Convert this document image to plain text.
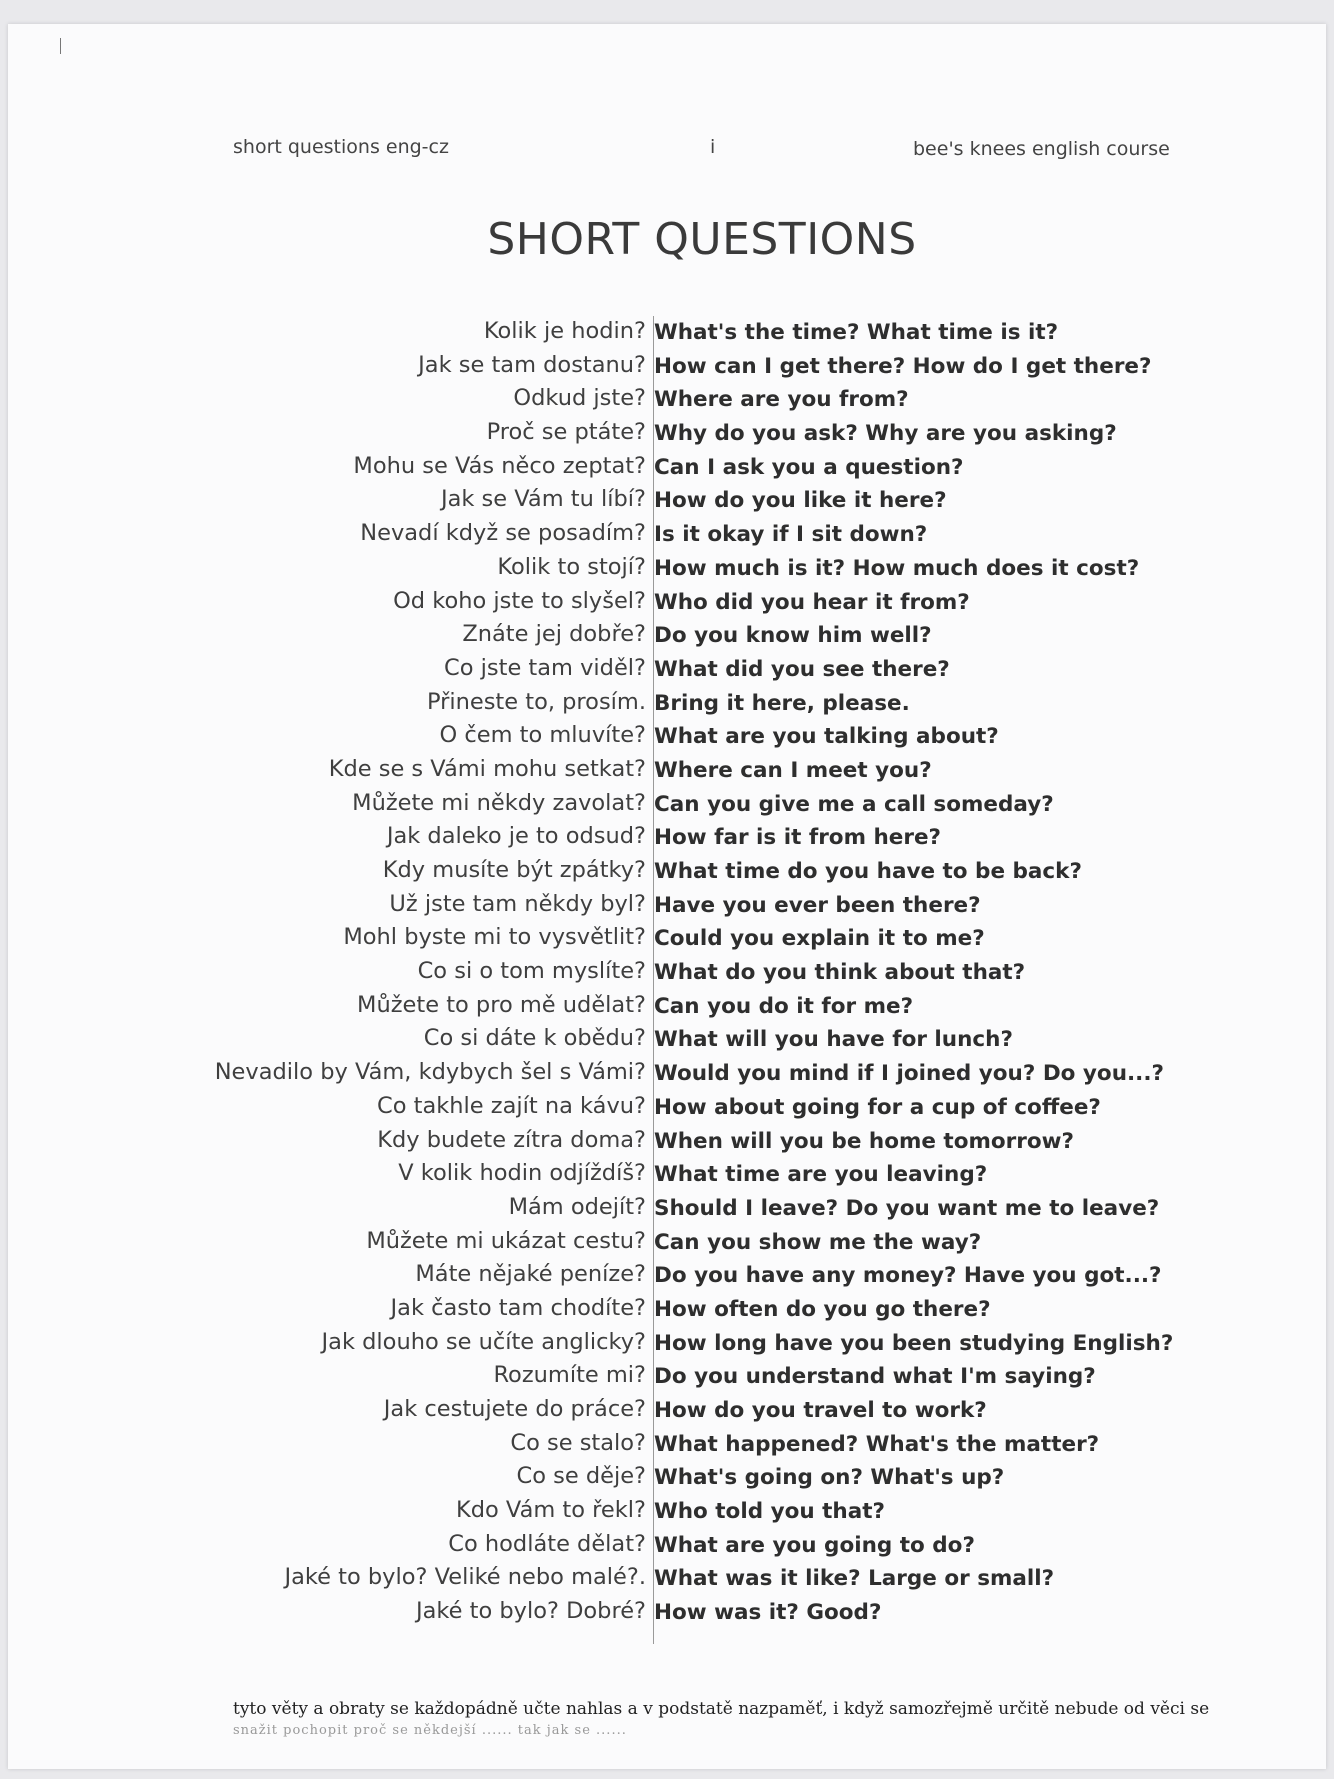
short questions eng-cz	i	bee's knees english course
SHORT QUESTIONS
Kolik je hodin? What's the time? What time is it?
Jak se tam dostanu? How can I get there? How do I get there?
Odkud jste? Where are you from?
Proč se ptáte? Why do you ask? Why are you asking?
Mohu se Vás něco zeptat? Can I ask you a question?
Jak se Vám tu líbí? How do you like it here?
Nevadí když se posadím? Is it okay if I sit down?
Kolik to stojí? How much is it? How much does it cost?
Od koho jste to slyšel? Who did you hear it from?
Znáte jej dobře? Do you know him well?
Co jste tam viděl? What did you see there?
Přineste to, prosím. Bring it here, please.
O čem to mluvíte? What are you talking about?
Kde se s Vámi mohu setkat? Where can I meet you?
Můžete mi někdy zavolat? Can you give me a call someday?
Jak daleko je to odsud? How far is it from here?
Kdy musíte být zpátky? What time do you have to be back?
Už jste tam někdy byl? Have you ever been there?
Mohl byste mi to vysvětlit? Could you explain it to me?
Co si o tom myslíte? What do you think about that?
Můžete to pro mě udělat? Can you do it for me?
Co si dáte k obědu? What will you have for lunch?
Nevadilo by Vám, kdybych šel s Vámi? Would you mind if I joined you? Do you...?
Co takhle zajít na kávu? How about going for a cup of coffee?
Kdy budete zítra doma? When will you be home tomorrow?
V kolik hodin odjíždíš? What time are you leaving?
Mám odejít? Should I leave? Do you want me to leave?
Můžete mi ukázat cestu? Can you show me the way?
Máte nějaké peníze? Do you have any money? Have you got...?
Jak často tam chodíte? How often do you go there?
Jak dlouho se učíte anglicky? How long have you been studying English?
Rozumíte mi? Do you understand what I'm saying?
Jak cestujete do práce? How do you travel to work?
Co se stalo? What happened? What's the matter?
Co se děje? What's going on? What's up?
Kdo Vám to řekl? Who told you that?
Co hodláte dělat? What are you going to do?
Jaké to bylo? Veliké nebo malé?. What was it like? Large or small?
Jaké to bylo? Dobré? How was it? Good?
tyto věty a obraty se každopádně učte nahlas a v podstatě nazpaměť, i když samozřejmě určitě nebude od věci se
snažit pochopit proč se někdejší ...... tak jak se ......
